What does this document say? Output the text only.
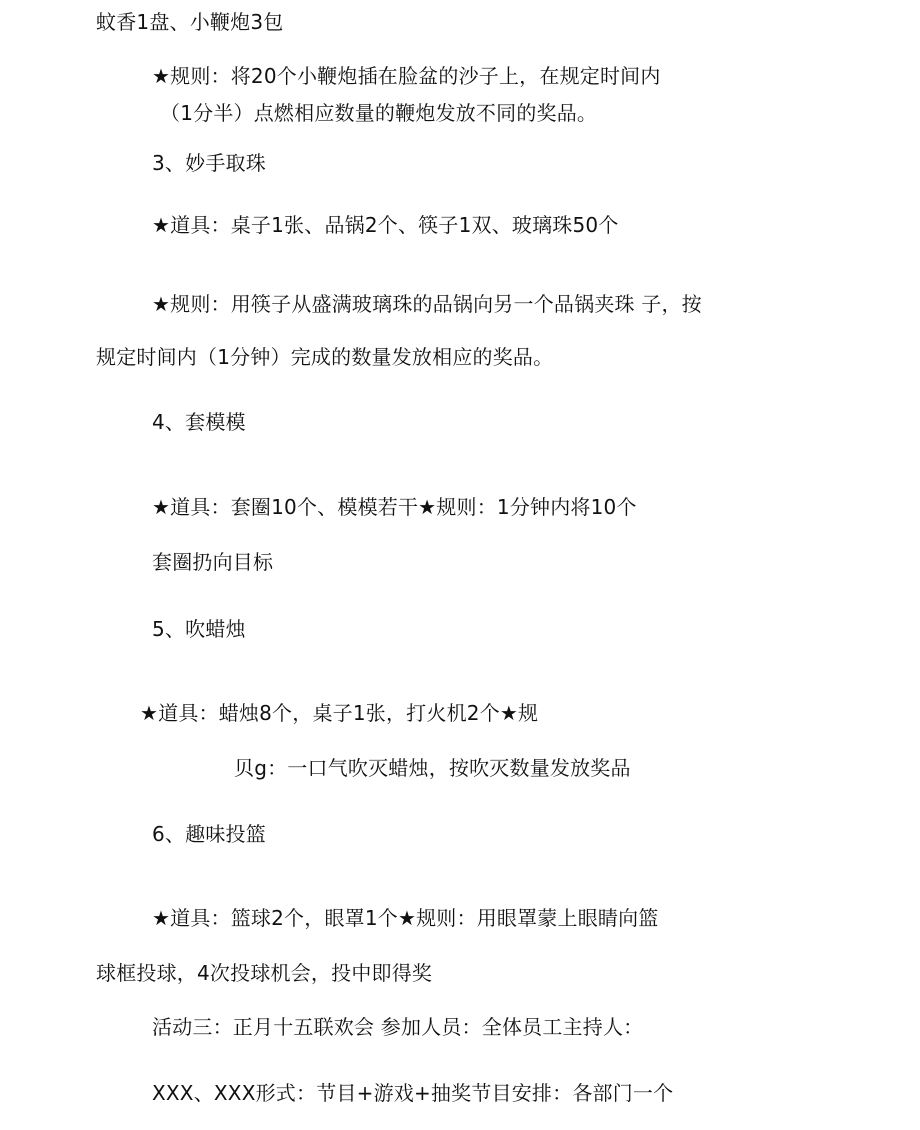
蚊香1盘、小鞭炮3包
★规则：将20个小鞭炮插在脸盆的沙子上，在规定时间内
（1分半）点燃相应数量的鞭炮发放不同的奖品。
3、妙手取珠
★道具：桌子1张、品锅2个、筷子1双、玻璃珠50个
★规则：用筷子从盛满玻璃珠的品锅向另一个品锅夹珠 子，按
规定时间内（1分钟）完成的数量发放相应的奖品。
4、套模模
★道具：套圈10个、模模若干★规则：1分钟内将10个
套圈扔向目标
5、吹蜡烛
★道具：蜡烛8个，桌子1张，打火机2个★规
贝g：一口气吹灭蜡烛，按吹灭数量发放奖品
6、趣味投篮
★道具：篮球2个，眼罩1个★规则：用眼罩蒙上眼睛向篮
球框投球，4次投球机会，投中即得奖
活动三：正月十五联欢会 参加人员：全体员工主持人：
XXX、XXX形式：节目+游戏+抽奖节目安排：各部门一个
